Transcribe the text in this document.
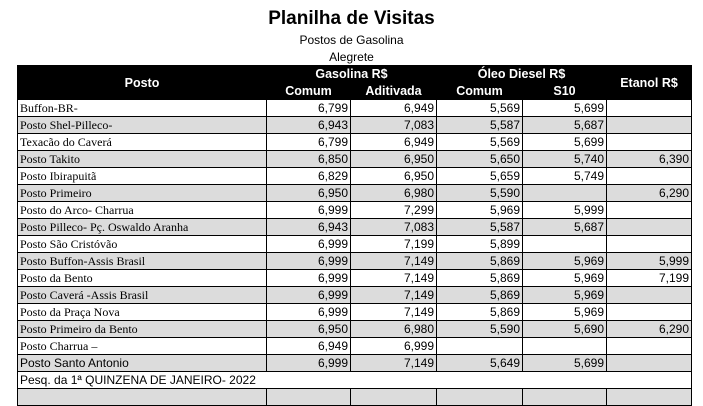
Planilha de Visitas
Postos de Gasolina
Alegrete
Posto	Gasolina R$		Óleo Diesel R$		Etanol R$
	Comum	Aditivada	Comum	S10	
Buffon-BR-	6,799	6,949	5,569	5,699	
Posto Shel-Pilleco-	6,943	7,083	5,587	5,687	
Texacão do Caverá	6,799	6,949	5,569	5,699	
Posto Takito	6,850	6,950	5,650	5,740	6,390
Posto Ibirapuitã	6,829	6,950	5,659	5,749	
Posto Primeiro	6,950	6,980	5,590		6,290
Posto do Arco- Charrua	6,999	7,299	5,969	5,999	
Posto Pilleco- Pç. Oswaldo Aranha	6,943	7,083	5,587	5,687	
Posto São Cristóvão	6,999	7,199	5,899		
Posto Buffon-Assis Brasil	6,999	7,149	5,869	5,969	5,999
Posto da Bento	6,999	7,149	5,869	5,969	7,199
Posto Caverá -Assis Brasil	6,999	7,149	5,869	5,969	
Posto da Praça Nova	6,999	7,149	5,869	5,969	
Posto Primeiro da Bento	6,950	6,980	5,590	5,690	6,290
Posto Charrua –	6,949	6,999			
Posto Santo Antonio	6,999	7,149	5,649	5,699	
Pesq. da 1ª QUINZENA DE JANEIRO- 2022					
